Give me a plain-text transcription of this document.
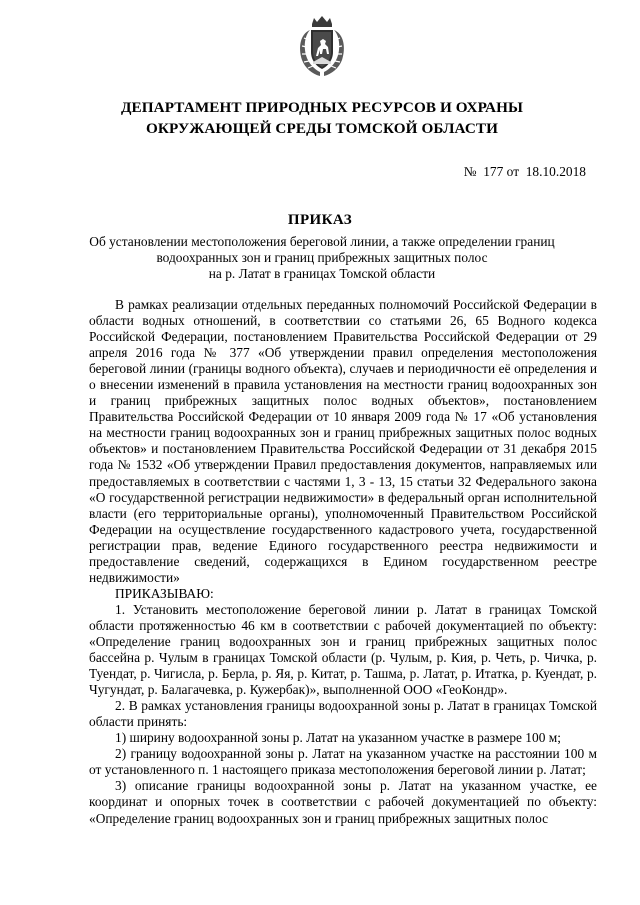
ДЕПАРТАМЕНТ ПРИРОДНЫХ РЕСУРСОВ И ОХРАНЫ
ОКРУЖАЮЩЕЙ СРЕДЫ ТОМСКОЙ ОБЛАСТИ
№  177 от  18.10.2018
ПРИКАЗ
Об установлении местоположения береговой линии, а также определении границ
водоохранных зон и границ прибрежных защитных полос
на р. Латат в границах Томской области

В рамках реализации отдельных переданных полномочий Российской Федерации в области водных отношений, в соответствии со статьями 26, 65 Водного кодекса Российской Федерации, постановлением Правительства Российской Федерации от 29 апреля 2016 года № 377 «Об утверждении правил определения местоположения береговой линии (границы водного объекта), случаев и периодичности её определения и о внесении изменений в правила установления на местности границ водоохранных зон и границ прибрежных защитных полос водных объектов», постановлением Правительства Российской Федерации от 10 января 2009 года № 17 «Об установления на местности границ водоохранных зон и границ прибрежных защитных полос водных объектов» и постановлением Правительства Российской Федерации от 31 декабря 2015 года № 1532 «Об утверждении Правил предоставления документов, направляемых или предоставляемых в соответствии с частями 1, 3 - 13, 15 статьи 32 Федерального закона «О государственной регистрации недвижимости» в федеральный орган исполнительной власти (его территориальные органы), уполномоченный Правительством Российской Федерации на осуществление государственного кадастрового учета, государственной регистрации прав, ведение Единого государственного реестра недвижимости и предоставление сведений, содержащихся в Едином государственном реестре недвижимости»

ПРИКАЗЫВАЮ:

1. Установить местоположение береговой линии р. Латат в границах Томской области протяженностью 46 км в соответствии с рабочей документацией по объекту: «Определение границ водоохранных зон и границ прибрежных защитных полос бассейна р. Чулым в границах Томской области (р. Чулым, р. Кия, р. Четь, р. Чичка, р. Туендат, р. Чигисла, р. Берла, р. Яя, р. Китат, р. Ташма, р. Латат, р. Итатка, р. Куендат, р. Чугундат, р. Балагачевка, р. Кужербак)», выполненной ООО «ГеоКондр».

2. В рамках установления границы водоохранной зоны р. Латат в границах Томской области принять:

1) ширину водоохранной зоны р. Латат на указанном участке в размере 100 м;

2) границу водоохранной зоны р. Латат на указанном участке на расстоянии 100 м от установленного п. 1 настоящего приказа местоположения береговой линии р. Латат;

3) описание границы водоохранной зоны р. Латат на указанном участке, ее координат и опорных точек в соответствии с рабочей документацией по объекту: «Определение границ водоохранных зон и границ прибрежных защитных полос
